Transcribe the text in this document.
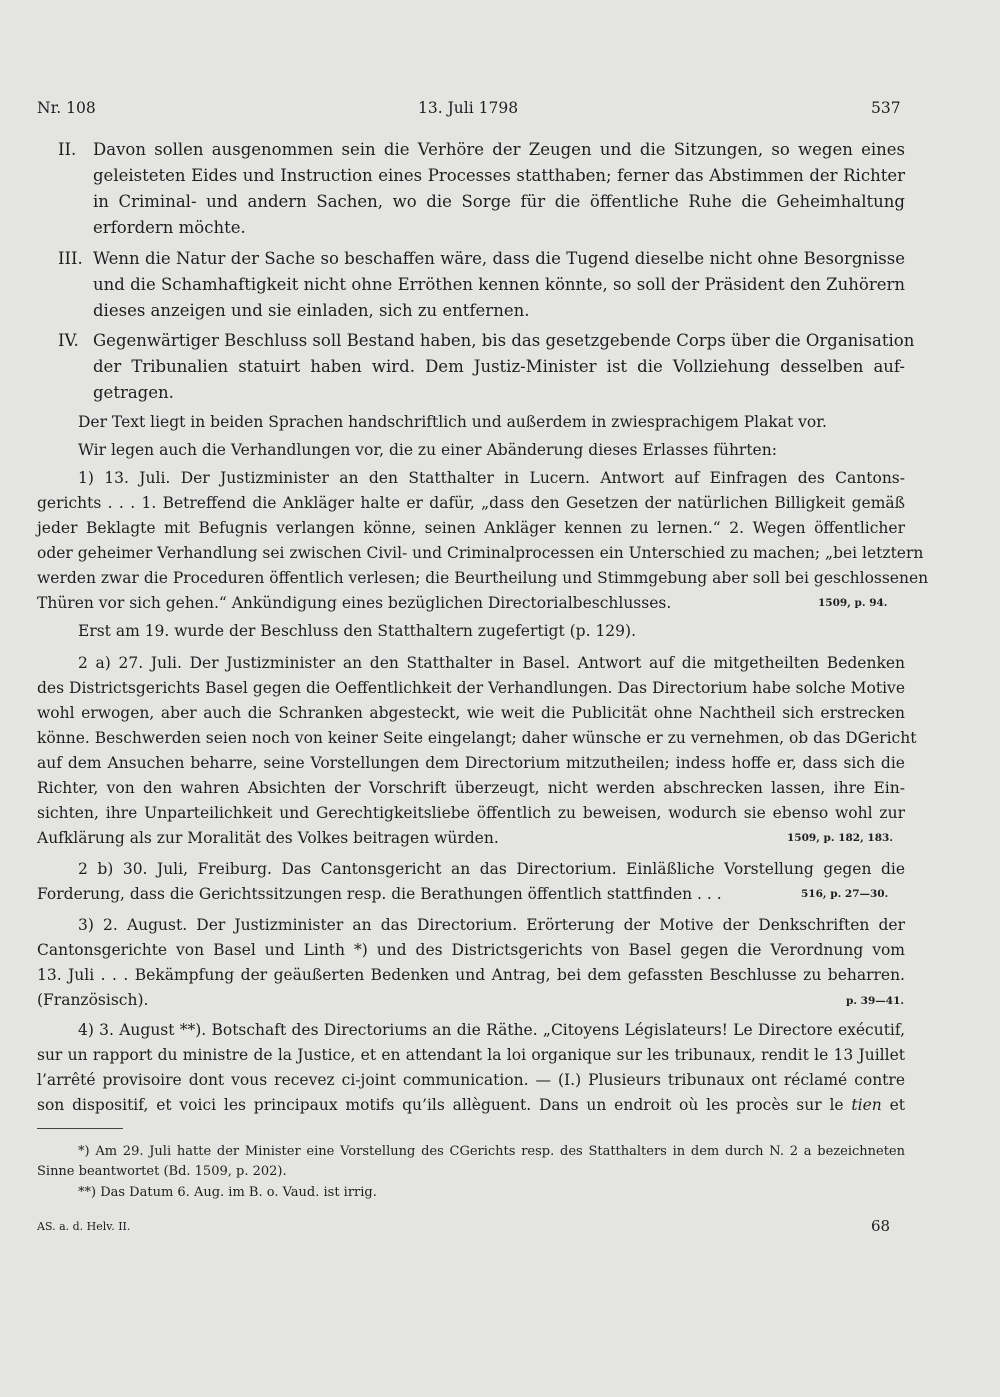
Nr. 108	13. Juli 1798	537
II. Davon sollen ausgenommen sein die Verhöre der Zeugen und die Sitzungen, so wegen eines
geleisteten Eides und Instruction eines Processes statthaben; ferner das Abstimmen der Richter
in Criminal- und andern Sachen, wo die Sorge für die öffentliche Ruhe die Geheimhaltung
erfordern möchte.
III. Wenn die Natur der Sache so beschaffen wäre, dass die Tugend dieselbe nicht ohne Besorgnisse
und die Schamhaftigkeit nicht ohne Erröthen kennen könnte, so soll der Präsident den Zuhörern
dieses anzeigen und sie einladen, sich zu entfernen.
IV. Gegenwärtiger Beschluss soll Bestand haben, bis das gesetzgebende Corps über die Organisation
der Tribunalien statuirt haben wird. Dem Justiz-Minister ist die Vollziehung desselben auf-
getragen.
Der Text liegt in beiden Sprachen handschriftlich und außerdem in zwiesprachigem Plakat vor.
Wir legen auch die Verhandlungen vor, die zu einer Abänderung dieses Erlasses führten:
1) 13. Juli. Der Justizminister an den Statthalter in Lucern. Antwort auf Einfragen des Cantons-
gerichts . . . 1. Betreffend die Ankläger halte er dafür, „dass den Gesetzen der natürlichen Billigkeit gemäß
jeder Beklagte mit Befugnis verlangen könne, seinen Ankläger kennen zu lernen.“ 2. Wegen öffentlicher
oder geheimer Verhandlung sei zwischen Civil- und Criminalprocessen ein Unterschied zu machen; „bei letztern
werden zwar die Proceduren öffentlich verlesen; die Beurtheilung und Stimmgebung aber soll bei geschlossenen
Thüren vor sich gehen.“ Ankündigung eines bezüglichen Directorialbeschlusses.	1509, p. 94.
Erst am 19. wurde der Beschluss den Statthaltern zugefertigt (p. 129).
2 a) 27. Juli. Der Justizminister an den Statthalter in Basel. Antwort auf die mitgetheilten Bedenken
des Districtsgerichts Basel gegen die Oeffentlichkeit der Verhandlungen. Das Directorium habe solche Motive
wohl erwogen, aber auch die Schranken abgesteckt, wie weit die Publicität ohne Nachtheil sich erstrecken
könne. Beschwerden seien noch von keiner Seite eingelangt; daher wünsche er zu vernehmen, ob das DGericht
auf dem Ansuchen beharre, seine Vorstellungen dem Directorium mitzutheilen; indess hoffe er, dass sich die
Richter, von den wahren Absichten der Vorschrift überzeugt, nicht werden abschrecken lassen, ihre Ein-
sichten, ihre Unparteilichkeit und Gerechtigkeitsliebe öffentlich zu beweisen, wodurch sie ebenso wohl zur
Aufklärung als zur Moralität des Volkes beitragen würden.	1509, p. 182, 183.
2 b) 30. Juli, Freiburg. Das Cantonsgericht an das Directorium. Einläßliche Vorstellung gegen die
Forderung, dass die Gerichtssitzungen resp. die Berathungen öffentlich stattfinden . . .	516, p. 27—30.
3) 2. August. Der Justizminister an das Directorium. Erörterung der Motive der Denkschriften der
Cantonsgerichte von Basel und Linth *) und des Districtsgerichts von Basel gegen die Verordnung vom
13. Juli . . . Bekämpfung der geäußerten Bedenken und Antrag, bei dem gefassten Beschlusse zu beharren.
(Französisch).	p. 39—41.
4) 3. August **). Botschaft des Directoriums an die Räthe. „Citoyens Législateurs! Le Directore exécutif,
sur un rapport du ministre de la Justice, et en attendant la loi organique sur les tribunaux, rendit le 13 Juillet
l’arrêté provisoire dont vous recevez ci-joint communication. — (I.) Plusieurs tribunaux ont réclamé contre
son dispositif, et voici les principaux motifs qu’ils allèguent. Dans un endroit où les procès sur le tien et
*) Am 29. Juli hatte der Minister eine Vorstellung des CGerichts resp. des Statthalters in dem durch N. 2 a bezeichneten
Sinne beantwortet (Bd. 1509, p. 202).
**) Das Datum 6. Aug. im B. o. Vaud. ist irrig.
AS. a. d. Helv. II.	68
